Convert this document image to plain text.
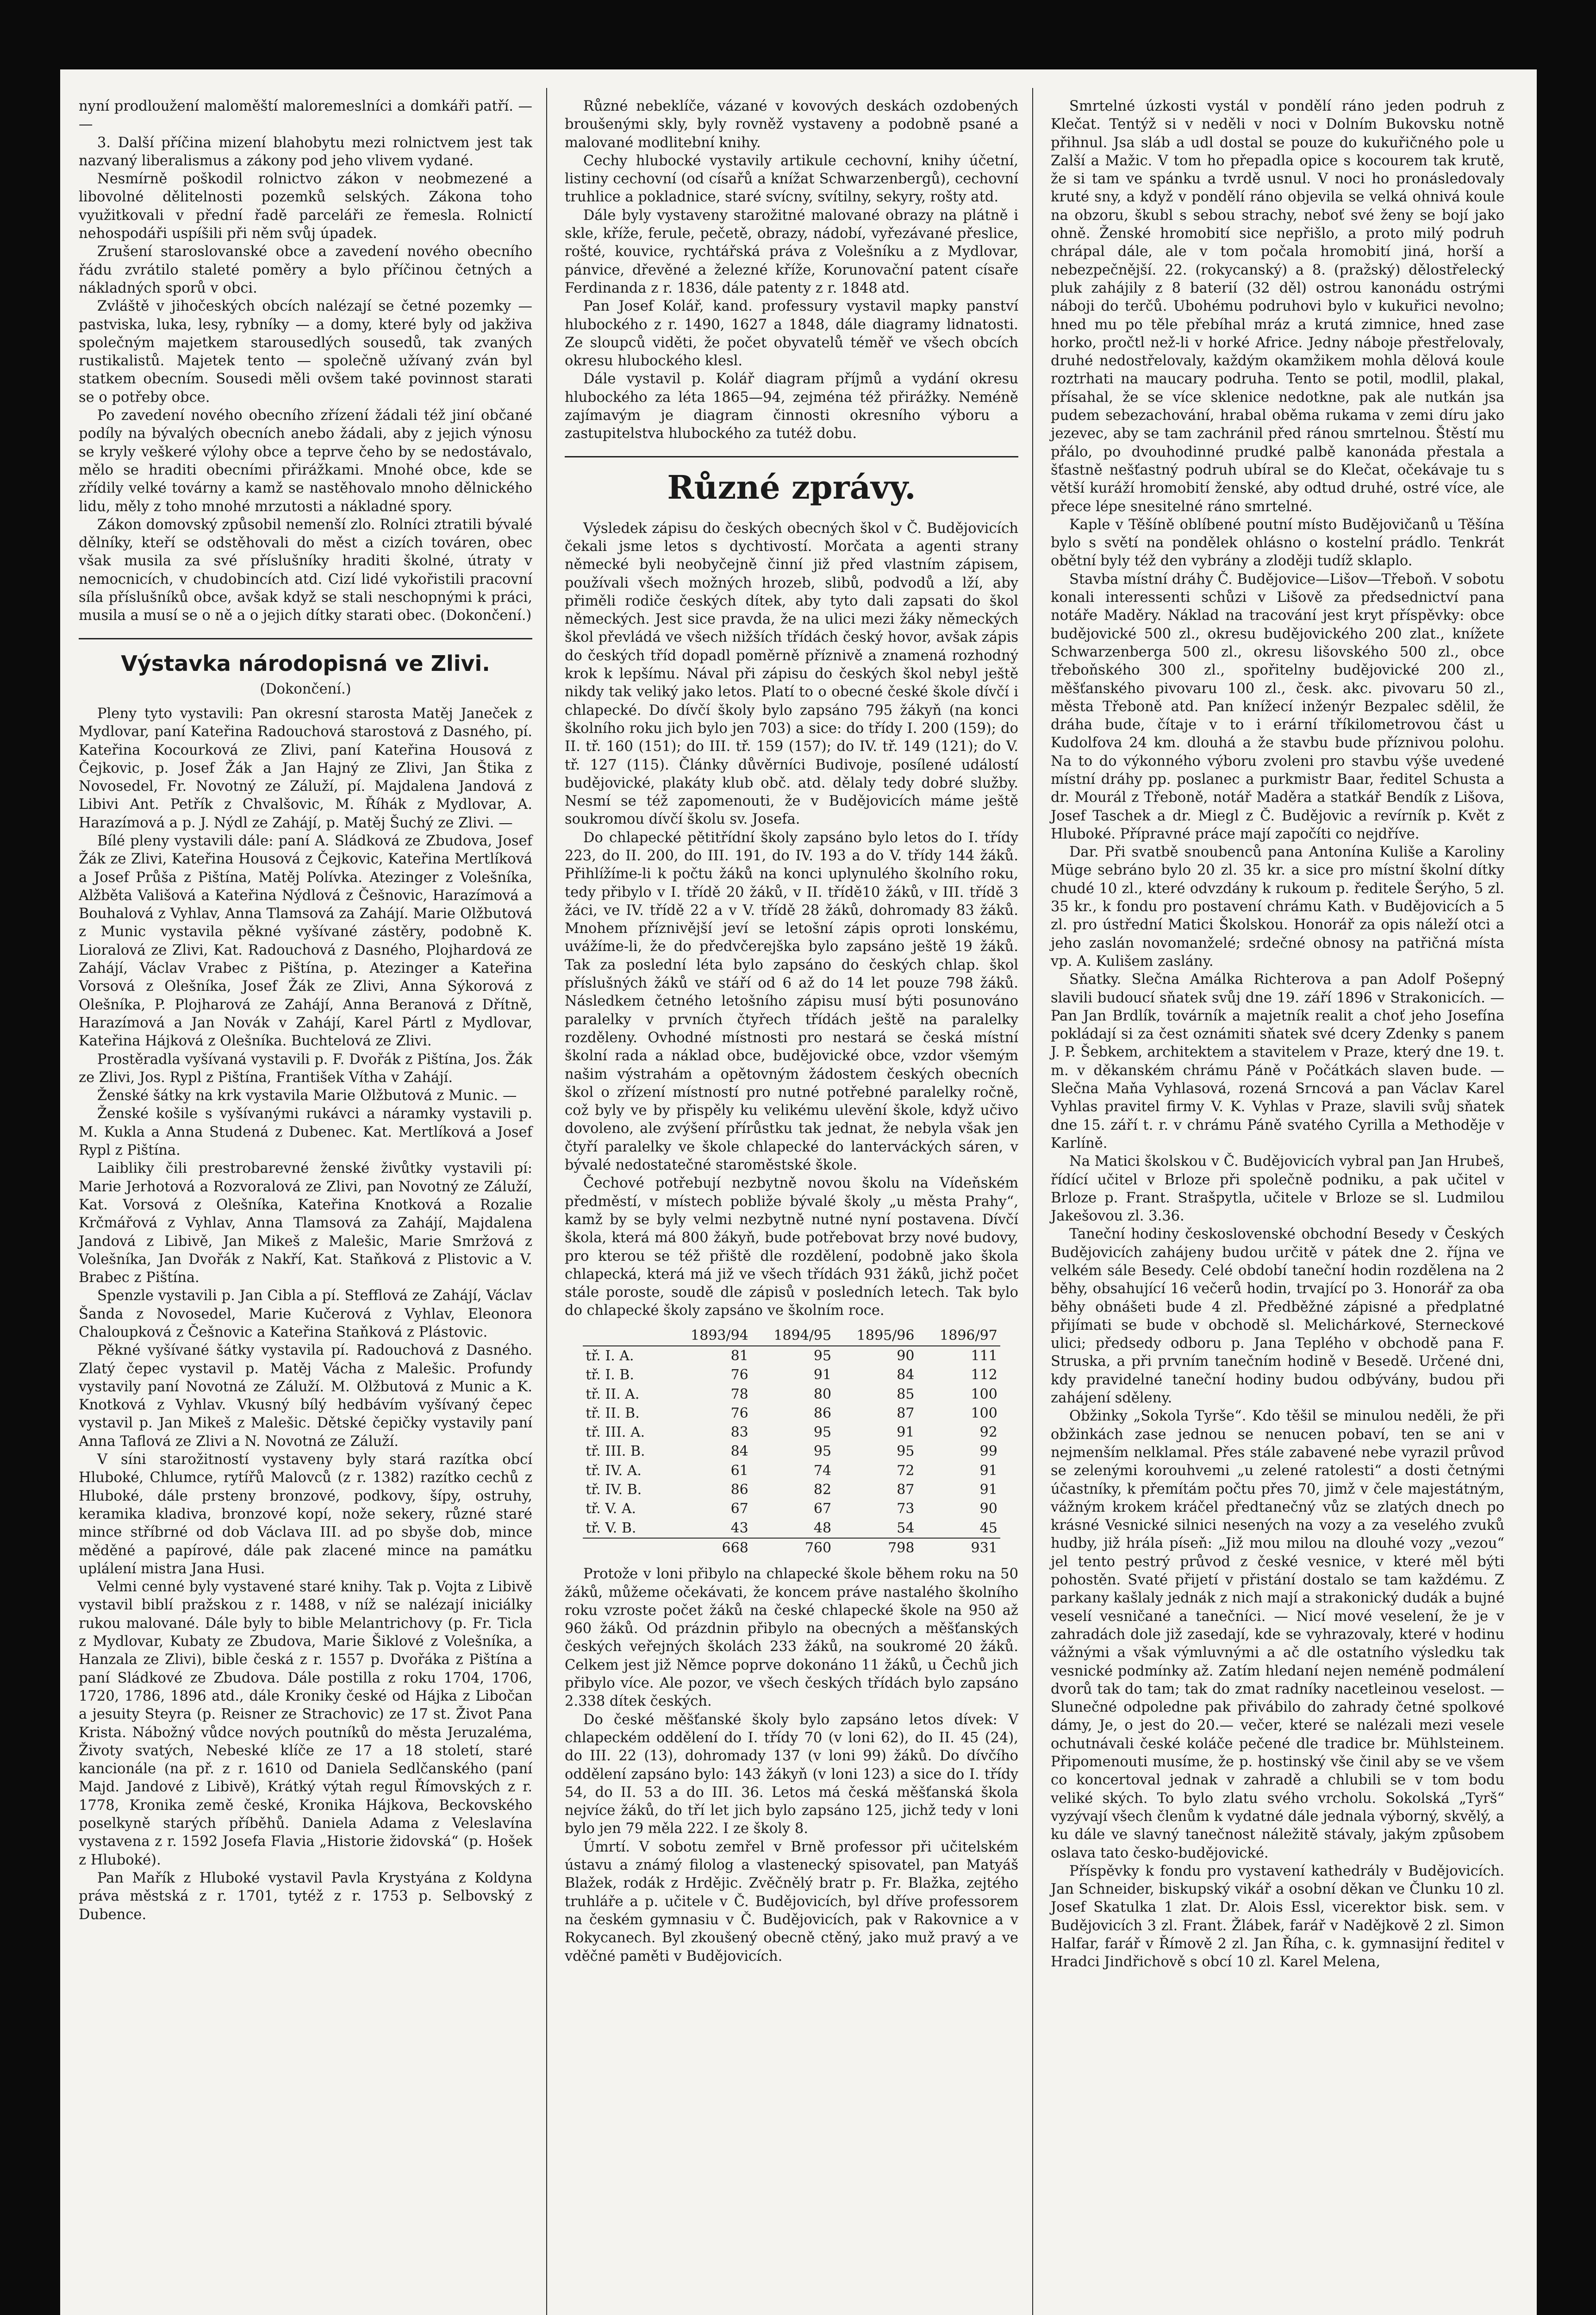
nyní prodloužení maloměští maloremeslníci a domkáři patří. — —

3. Další příčina mizení blahobytu mezi rolnictvem jest tak nazvaný liberalismus a zákony pod jeho vlivem vydané.

Nesmírně poškodil rolnictvo zákon v neobmezené a libovolné dělitelnosti pozemků selských. Zákona toho využitkovali v přední řadě parceláři ze řemesla. Rolnictí nehospodáři uspíšili při něm svůj úpadek.

Zrušení staroslovanské obce a zavedení nového obecního řádu zvrátilo staleté poměry a bylo příčinou četných a nákladných sporů v obci.

Zvláště v jihočeských obcích nalézají se četné pozemky — pastviska, luka, lesy, rybníky — a domy, které byly od jakživa společným majetkem starousedlých sousedů, tak zvaných rustikalistů. Majetek tento — společně užívaný zván byl statkem obecním. Sousedi měli ovšem také povinnost starati se o potřeby obce.

Po zavedení nového obecního zřízení žádali též jiní občané podíly na bývalých obecních anebo žádali, aby z jejich výnosu se kryly veškeré výlohy obce a teprve čeho by se nedostávalo, mělo se hraditi obecními přirážkami. Mnohé obce, kde se zřídily velké továrny a kamž se nastěhovalo mnoho dělnického lidu, měly z toho mnohé mrzutosti a nákladné spory.

Zákon domovský způsobil nemenší zlo. Rolníci ztratili bývalé dělníky, kteří se odstěhovali do měst a cizích továren, obec však musila za své příslušníky hraditi školné, útraty v nemocnicích, v chudobincích atd. Cizí lidé vykořistili pracovní síla příslušníků obce, avšak když se stali neschopnými k práci, musila a musí se o ně a o jejich dítky starati obec. (Dokončení.)

Výstavka národopisná ve Zlivi.
(Dokončení.)

Pleny tyto vystavili: Pan okresní starosta Matěj Janeček z Mydlovar, paní Kateřina Radouchová starostová z Dasného, pí. Kateřina Kocourková ze Zlivi, paní Kateřina Housová z Čejkovic, p. Josef Žák a Jan Hajný ze Zlivi, Jan Štika z Novosedel, Fr. Novotný ze Záluží, pí. Majdalena Jandová z Libivi Ant. Petřík z Chvalšovic, M. Říhák z Mydlovar, A. Harazímová a p. J. Nýdl ze Zahájí, p. Matěj Šuchý ze Zlivi. —

Bílé pleny vystavili dále: paní A. Sládková ze Zbudova, Josef Žák ze Zlivi, Kateřina Housová z Čejkovic, Kateřina Mertlíková a Josef Průša z Pištína, Matěj Polívka. Atezinger z Volešníka, Alžběta Vališová a Kateřina Nýdlová z Češnovic, Harazímová a Bouhalová z Vyhlav, Anna Tlamsová za Zahájí. Marie Olžbutová z Munic vystavila pěkné vyšívané zástěry, podobně K. Lioralová ze Zlivi, Kat. Radouchová z Dasného, Plojhardová ze Zahájí, Václav Vrabec z Pištína, p. Atezinger a Kateřina Vorsová z Olešníka, Josef Žák ze Zlivi, Anna Sýkorová z Olešníka, P. Plojharová ze Zahájí, Anna Beranová z Dřítně, Harazímová a Jan Novák v Zahájí, Karel Pártl z Mydlovar, Kateřina Hájková z Olešníka. Buchtelová ze Zlivi.

Prostěradla vyšívaná vystavili p. F. Dvořák z Pištína, Jos. Žák ze Zlivi, Jos. Rypl z Pištína, František Vítha v Zahájí.

Ženské šátky na krk vystavila Marie Olžbutová z Munic. —

Ženské košile s vyšívanými rukávci a náramky vystavili p. M. Kukla a Anna Studená z Dubenec. Kat. Mertlíková a Josef Rypl z Pištína.

Laibliky čili prestrobarevné ženské živůtky vystavili pí: Marie Jerhotová a Rozvoralová ze Zlivi, pan Novotný ze Záluží, Kat. Vorsová z Olešníka, Kateřina Knotková a Rozalie Krčmářová z Vyhlav, Anna Tlamsová za Zahájí, Majdalena Jandová z Libivě, Jan Mikeš z Malešic, Marie Smržová z Volešníka, Jan Dvořák z Nakří, Kat. Staňková z Plistovic a V. Brabec z Pištína.

Spenzle vystavili p. Jan Cibla a pí. Stefflová ze Zahájí, Václav Šanda z Novosedel, Marie Kučerová z Vyhlav, Eleonora Chaloupková z Češnovic a Kateřina Staňková z Plástovic.

Pěkné vyšívané šátky vystavila pí. Radouchová z Dasného. Zlatý čepec vystavil p. Matěj Vácha z Malešic. Profundy vystavily paní Novotná ze Záluží. M. Olžbutová z Munic a K. Knotková z Vyhlav. Vkusný bílý hedbávím vyšívaný čepec vystavil p. Jan Mikeš z Malešic. Dětské čepičky vystavily paní Anna Taflová ze Zlivi a N. Novotná ze Záluží.

V síni starožitností vystaveny byly stará razítka obcí Hluboké, Chlumce, rytířů Malovců (z r. 1382) razítko cechů z Hluboké, dále prsteny bronzové, podkovy, šípy, ostruhy, keramika kladiva, bronzové kopí, nože sekery, různé staré mince stříbrné od dob Václava III. ad po sbyše dob, mince měděné a papírové, dále pak zlacené mince na památku uplálení mistra Jana Husi.

Velmi cenné byly vystavené staré knihy. Tak p. Vojta z Libivě vystavil biblí pražskou z r. 1488, v níž se nalézají iniciálky rukou malované. Dále byly to bible Melantrichovy (p. Fr. Ticla z Mydlovar, Kubaty ze Zbudova, Marie Šiklové z Volešníka, a Hanzala ze Zlivi), bible česká z r. 1557 p. Dvořáka z Pištína a paní Sládkové ze Zbudova. Dále postilla z roku 1704, 1706, 1720, 1786, 1896 atd., dále Kroniky české od Hájka z Libočan a jesuity Steyra (p. Reisner ze Strachovic) ze 17 st. Život Pana Krista. Nábožný vůdce nových poutníků do města Jeruzaléma, Životy svatých, Nebeské klíče ze 17 a 18 století, staré kancionále (na př. z r. 1610 od Daniela Sedlčanského (paní Majd. Jandové z Libivě), Krátký výtah regul Římovských z r. 1778, Kronika země české, Kronika Hájkova, Beckovského poselkyně starých příběhů. Daniela Adama z Veleslavína vystavena z r. 1592 Josefa Flavia „Historie židovská“ (p. Hošek z Hluboké).

Pan Mařík z Hluboké vystavil Pavla Krystyána z Koldyna práva městská z r. 1701, tytéž z r. 1753 p. Selbovský z Dubence.

Různé nebeklíče, vázané v kovových deskách ozdobených broušenými skly, byly rovněž vystaveny a podobně psané a malované modlitební knihy.

Cechy hlubocké vystavily artikule cechovní, knihy účetní, listiny cechovní (od císařů a knížat Schwarzenbergů), cechovní truhlice a pokladnice, staré svícny, svítilny, sekyry, rošty atd.

Dále byly vystaveny starožitné malované obrazy na plátně i skle, kříže, ferule, pečetě, obrazy, nádobí, vyřezávané přeslice, rošté, kouvice, rychtářská práva z Volešníku a z Mydlovar, pánvice, dřevěné a železné kříže, Korunovační patent císaře Ferdinanda z r. 1836, dále patenty z r. 1848 atd.

Pan Josef Kolář, kand. professury vystavil mapky panství hlubockého z r. 1490, 1627 a 1848, dále diagramy lidnatosti. Ze sloupců viděti, že počet obyvatelů téměř ve všech obcích okresu hlubockého klesl.

Dále vystavil p. Kolář diagram příjmů a vydání okresu hlubockého za léta 1865—94, zejména též přirážky. Neméně zajímavým je diagram činnosti okresního výboru a zastupitelstva hlubockého za tutéž dobu.

Různé zprávy.

Výsledek zápisu do českých obecných škol v Č. Budějovicích čekali jsme letos s dychtivostí. Morčata a agenti strany německé byli neobyčejně činní již před vlastním zápisem, používali všech možných hrozeb, slibů, podvodů a lží, aby přiměli rodiče českých dítek, aby tyto dali zapsati do škol německých. Jest sice pravda, že na ulici mezi žáky německých škol převládá ve všech nižších třídách český hovor, avšak zápis do českých tříd dopadl poměrně příznivě a znamená rozhodný krok k lepšímu. Nával při zápisu do českých škol nebyl ještě nikdy tak veliký jako letos. Platí to o obecné české škole dívčí i chlapecké. Do dívčí školy bylo zapsáno 795 žákyň (na konci školního roku jich bylo jen 703) a sice: do třídy I. 200 (159); do II. tř. 160 (151); do III. tř. 159 (157); do IV. tř. 149 (121); do V. tř. 127 (115). Články důvěrníci Budivoje, posílené událostí budějovické, plakáty klub obč. atd. dělaly tedy dobré služby. Nesmí se též zapomenouti, že v Budějovicích máme ještě soukromou dívčí školu sv. Josefa.

Do chlapecké pětitřídní školy zapsáno bylo letos do I. třídy 223, do II. 200, do III. 191, do IV. 193 a do V. třídy 144 žáků. Přihlížíme-li k počtu žáků na konci uplynulého školního roku, tedy přibylo v I. třídě 20 žáků, v II. třídě10 žáků, v III. třídě 3 žáci, ve IV. třídě 22 a v V. třídě 28 žáků, dohromady 83 žáků. Mnohem příznivější jeví se letošní zápis oproti lonskému, uvážíme-li, že do předvčerejška bylo zapsáno ještě 19 žáků. Tak za poslední léta bylo zapsáno do českých chlap. škol příslušných žáků ve stáří od 6 až do 14 let pouze 798 žáků. Následkem četného letošního zápisu musí býti posunováno paralelky v prvních čtyřech třídách ještě na paralelky rozděleny. Ovhodné místnosti pro nestará se česká místní školní rada a náklad obce, budějovické obce, vzdor všemým našim výstrahám a opětovným žádostem českých obecních škol o zřízení místností pro nutné potřebné paralelky ročně, což byly ve by přispěly ku velikému ulevění škole, když učivo dovoleno, ale zvýšení přírůstku tak jednat, že nebyla však jen čtyří paralelky ve škole chlapecké do lanterváckých sáren, v bývalé nedostatečné staroměstské škole.

Čechové potřebují nezbytně novou školu na Vídeňském předměstí, v místech pobliže bývalé školy „u města Prahy“, kamž by se byly velmi nezbytně nutné nyní postavena. Dívčí škola, která má 800 žákyň, bude potřebovat brzy nové budovy, pro kterou se též přiště dle rozdělení, podobně jako škola chlapecká, která má již ve všech třídách 931 žáků, jichž počet stále poroste, soudě dle zápisů v posledních letech. Tak bylo do chlapecké školy zapsáno ve školním roce.

	1893/94	1894/95	1895/96	1896/97
tř. I. A.	81	95	90	111
tř. I. B.	76	91	84	112
tř. II. A.	78	80	85	100
tř. II. B.	76	86	87	100
tř. III. A.	83	95	91	92
tř. III. B.	84	95	95	99
tř. IV. A.	61	74	72	91
tř. IV. B.	86	82	87	91
tř. V. A.	67	67	73	90
tř. V. B.	43	48	54	45
	668	760	798	931

Protože v loni přibylo na chlapecké škole během roku na 50 žáků, můžeme očekávati, že koncem práve nastalého školního roku vzroste počet žáků na české chlapecké škole na 950 až 960 žáků. Od prázdnin přibylo na obecných a měšťanských českých veřejných školách 233 žáků, na soukromé 20 žáků. Celkem jest již Němce poprve dokonáno 11 žáků, u Čechů jich přibylo více. Ale pozor, ve všech českých třídách bylo zapsáno 2.338 dítek českých.

Do české měšťanské školy bylo zapsáno letos dívek: V chlapeckém oddělení do I. třídy 70 (v loni 62), do II. 45 (24), do III. 22 (13), dohromady 137 (v loni 99) žáků. Do dívčího oddělení zapsáno bylo: 143 žákyň (v loni 123) a sice do I. třídy 54, do II. 53 a do III. 36. Letos má česká měšťanská škola nejvíce žáků, do tří let jich bylo zapsáno 125, jichž tedy v loni bylo jen 79 měla 222. I ze školy 8.

Úmrtí. V sobotu zemřel v Brně professor při učitelském ústavu a známý filolog a vlastenecký spisovatel, pan Matyáš Blažek, rodák z Hrdějic. Zvěčnělý bratr p. Fr. Blažka, zejtého truhláře a p. učitele v Č. Budějovicích, byl dříve professorem na českém gymnasiu v Č. Budějovicích, pak v Rakovnice a v Rokycanech. Byl zkoušený obecně ctěný, jako muž pravý a ve vděčné paměti v Budějovicích.

Smrtelné úzkosti vystál v pondělí ráno jeden podruh z Klečat. Tentýž si v neděli v noci v Dolním Bukovsku notně přihnul. Jsa sláb a udl dostal se pouze do kukuřičného pole u Zalší a Mažic. V tom ho přepadla opice s kocourem tak krutě, že si tam ve spánku a tvrdě usnul. V noci ho pronásledovaly kruté sny, a když v pondělí ráno objevila se velká ohnivá koule na obzoru, škubl s sebou strachy, neboť své ženy se bojí jako ohně. Ženské hromobití sice nepřišlo, a proto milý podruh chrápal dále, ale v tom počala hromobití jiná, horší a nebezpečnější. 22. (rokycanský) a 8. (pražský) dělostřelecký pluk zahájily z 8 baterií (32 děl) ostrou kanonádu ostrými náboji do terčů. Ubohému podruhovi bylo v kukuřici nevolno; hned mu po těle přebíhal mráz a krutá zimnice, hned zase horko, pročtl než-li v horké Africe. Jedny náboje přestřelovaly, druhé nedostřelovaly, každým okamžikem mohla dělová koule roztrhati na maucary podruha. Tento se potil, modlil, plakal, přísahal, že se více sklenice nedotkne, pak ale nutkán jsa pudem sebezachování, hrabal oběma rukama v zemi díru jako jezevec, aby se tam zachránil před ránou smrtelnou. Štěstí mu přálo, po dvouhodinné prudké palbě kanonáda přestala a šťastně nešťastný podruh ubíral se do Klečat, očekávaje tu s větší kuráží hromobití ženské, aby odtud druhé, ostré více, ale přece lépe snesitelné ráno smrtelné.

Kaple v Těšíně oblíbené poutní místo Budějovičanů u Těšína bylo s světí na pondělek ohlásno o kostelní prádlo. Tenkrát obětní byly též den vybrány a zloději tudíž sklaplo.

Stavba místní dráhy Č. Budějovice—Lišov—Třeboň. V sobotu konali interessenti schůzi v Lišově za předsednictví pana notáře Maděry. Náklad na tracování jest kryt příspěvky: obce budějovické 500 zl., okresu budějovického 200 zlat., knížete Schwarzenberga 500 zl., okresu lišovského 500 zl., obce třeboňského 300 zl., spořitelny budějovické 200 zl., měšťanského pivovaru 100 zl., česk. akc. pivovaru 50 zl., města Třeboně atd. Pan knížecí inženýr Bezpalec sdělil, že dráha bude, čítaje v to i erární tříkilometrovou část u Kudolfova 24 km. dlouhá a že stavbu bude příznivou polohu. Na to do výkonného výboru zvoleni pro stavbu výše uvedené místní dráhy pp. poslanec a purkmistr Baar, ředitel Schusta a dr. Mourál z Třeboně, notář Maděra a statkář Bendík z Lišova, Josef Taschek a dr. Miegl z Č. Budějovic a revírník p. Květ z Hluboké. Přípravné práce mají započíti co nejdříve.

Dar. Při svatbě snoubenců pana Antonína Kuliše a Karoliny Müge sebráno bylo 20 zl. 35 kr. a sice pro místní školní dítky chudé 10 zl., které odvzdány k rukoum p. ředitele Šerýho, 5 zl. 35 kr., k fondu pro postavení chrámu Kath. v Budějovicích a 5 zl. pro ústřední Matici Školskou. Honorář za opis náleží otci a jeho zaslán novomanželé; srdečné obnosy na patřičná místa vp. A. Kulišem zaslány.

Sňatky. Slečna Amálka Richterova a pan Adolf Pošepný slavili budoucí sňatek svůj dne 19. září 1896 v Strakonicích. — Pan Jan Brdlík, továrník a majetník realit a choť jeho Josefína pokládají si za čest oznámiti sňatek své dcery Zdenky s panem J. P. Šebkem, architektem a stavitelem v Praze, který dne 19. t. m. v děkanském chrámu Páně v Počátkách slaven bude. — Slečna Maňa Vyhlasová, rozená Srncová a pan Václav Karel Vyhlas pravitel firmy V. K. Vyhlas v Praze, slavili svůj sňatek dne 15. září t. r. v chrámu Páně svatého Cyrilla a Methoděje v Karlíně.

Na Matici školskou v Č. Budějovicích vybral pan Jan Hrubeš, řídící učitel v Brloze při společně podniku, a pak učitel v Brloze p. Frant. Strašpytla, učitele v Brloze se sl. Ludmilou Jakešovou zl. 3.36.

Taneční hodiny československé obchodní Besedy v Českých Budějovicích zahájeny budou určitě v pátek dne 2. října ve velkém sále Besedy. Celé období taneční hodin rozdělena na 2 běhy, obsahující 16 večerů hodin, trvající po 3. Honorář za oba běhy obnášeti bude 4 zl. Předběžné zápisné a předplatné přijímati se bude v obchodě sl. Melichárkové, Sterneckové ulici; předsedy odboru p. Jana Teplého v obchodě pana F. Struska, a při prvním tanečním hodině v Besedě. Určené dni, kdy pravidelné taneční hodiny budou odbývány, budou při zahájení sděleny.

Obžinky „Sokola Tyrše“. Kdo těšil se minulou neděli, že při obžinkách zase jednou se nenucen pobaví, ten se ani v nejmenším nelklamal. Přes stále zabavené nebe vyrazil průvod se zelenými korouhvemi „u zelené ratolesti“ a dosti četnými účastníky, k přemítám počtu přes 70, jimž v čele majestátným, vážným krokem kráčel předtanečný vůz se zlatých dnech po krásné Vesnické silnici nesených na vozy a za veselého zvuků hudby, již hrála píseň: „Již mou milou na dlouhé vozy „vezou“ jel tento pestrý průvod z české vesnice, v které měl býti pohostěn. Svaté přijetí v přistání dostalo se tam každému. Z parkany kašlaly jednák z nich mají a strakonický dudák a bujné veselí vesničané a tanečníci. — Nicí mové veselení, že je v zahradách dole již zasedají, kde se vyhrazovaly, které v hodinu vážnými a však výmluvnými a ač dle ostatního výsledku tak vesnické podmínky až. Zatím hledaní nejen neméně podmálení dvorů tak do tam; tak do zmat radníky nacetleinou veselost. — Slunečné odpoledne pak přivábilo do zahrady četné spolkové dámy, Je, o jest do 20.— večer, které se nalézali mezi vesele ochutnávali české koláče pečené dle tradice br. Mühlsteinem. Připomenouti musíme, že p. hostinský vše činil aby se ve všem co koncertoval jednak v zahradě a chlubili se v tom bodu veliké ských. To bylo zlatu svého vrcholu. Sokolská „Tyrš“ vyzývají všech členům k vydatné dále jednala výborný, skvělý, a ku dále ve slavný tanečnost náležitě stávaly, jakým způsobem oslava tato česko-budějovické.

Příspěvky k fondu pro vystavení kathedrály v Budějovicích. Jan Schneider, biskupský vikář a osobní děkan ve Člunku 10 zl. Josef Skatulka 1 zlat. Dr. Alois Essl, vicerektor bisk. sem. v Budějovicích 3 zl. Frant. Žlábek, farář v Nadějkově 2 zl. Simon Halfar, farář v Římově 2 zl. Jan Říha, c. k. gymnasijní ředitel v Hradci Jindřichově s obcí 10 zl. Karel Melena,
